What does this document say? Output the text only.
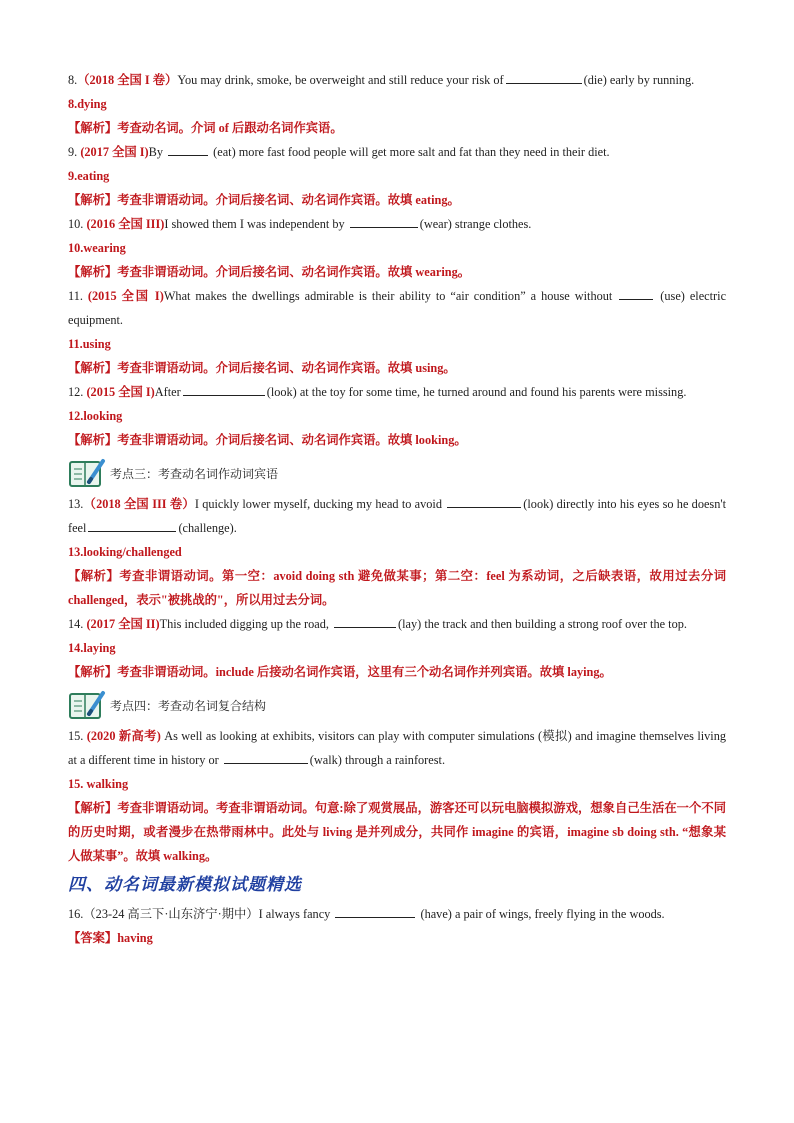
8.（2018 全国 I 卷）You may drink, smoke, be overweight and still reduce your risk of	(die) early by running.
8.dying
【解析】考查动名词。介词 of 后跟动名词作宾语。
9. (2017 全国 I)By	(eat) more fast food people will get more salt and fat than they need in their diet.
9.eating
【解析】考查非谓语动词。介词后接名词、动名词作宾语。故填 eating。
10. (2016 全国 III)I showed them I was independent by	(wear) strange clothes.
10.wearing
【解析】考查非谓语动词。介词后接名词、动名词作宾语。故填 wearing。
11. (2015 全国 I)What makes the dwellings admirable is their ability to “air condition” a house without	(use) electric equipment.
11.using
【解析】考查非谓语动词。介词后接名词、动名词作宾语。故填 using。
12. (2015 全国 I)After	(look) at the toy for some time, he turned around and found his parents were missing.
12.looking
【解析】考查非谓语动词。介词后接名词、动名词作宾语。故填 looking。
考点三：考查动名词作动词宾语
13.（2018 全国 III 卷）I quickly lower myself, ducking my head to avoid	(look) directly into his eyes so he doesn't feel	(challenge).
13.looking/challenged
【解析】考查非谓语动词。第一空：avoid doing sth 避免做某事；第二空：feel 为系动词，之后缺表语，故用过去分词 challenged，表示"被挑战的"，所以用过去分词。
14. (2017 全国 II)This included digging up the road,	(lay) the track and then building a strong roof over the top.
14.laying
【解析】考查非谓语动词。include 后接动名词作宾语，这里有三个动名词作并列宾语。故填 laying。
考点四：考查动名词复合结构
15. (2020 新高考) As well as looking at exhibits, visitors can play with computer simulations (模拟) and imagine themselves living at a different time in history or	(walk) through a rainforest.
15. walking
【解析】考查非谓语动词。考查非谓语动词。句意:除了观赏展品，游客还可以玩电脑模拟游戏，想象自己生活在一个不同的历史时期，或者漫步在热带雨林中。此处与 living 是并列成分，共同作 imagine 的宾语，imagine sb doing sth. “想象某人做某事”。故填 walking。
四、动名词最新模拟试题精选
16.（23-24 高三下·山东济宁·期中）I always fancy	(have) a pair of wings, freely flying in the woods.
【答案】having
